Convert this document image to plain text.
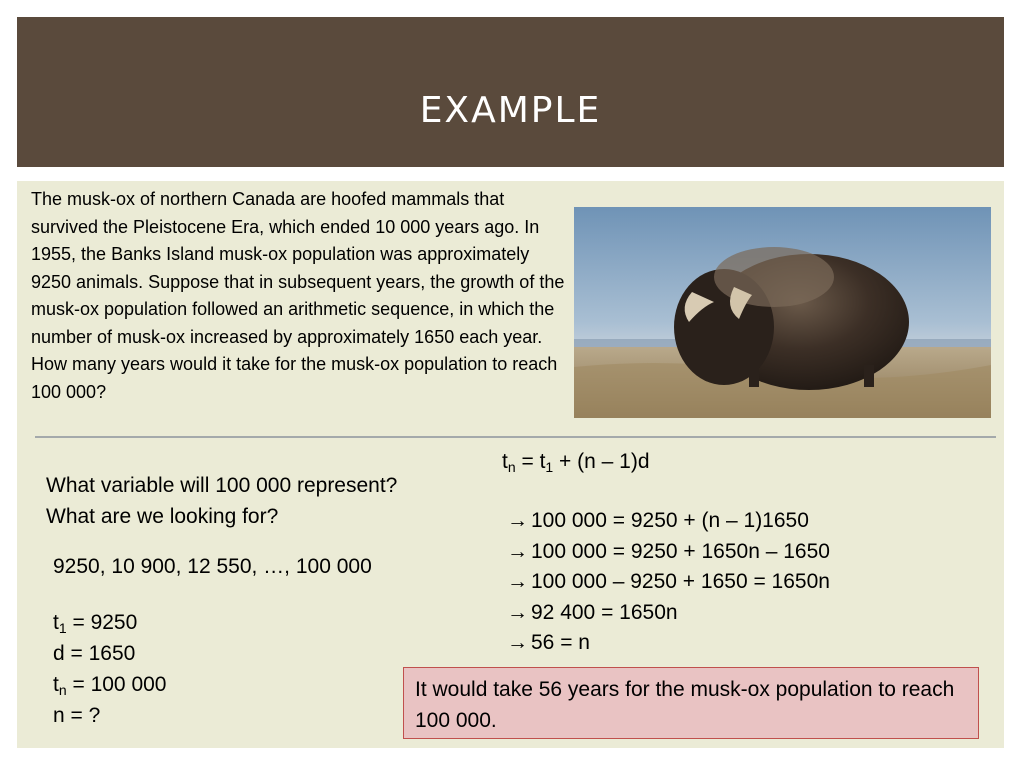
EXAMPLE
The musk-ox of northern Canada are hoofed mammals that survived the Pleistocene Era, which ended 10 000 years ago. In 1955, the Banks Island musk-ox population was approximately 9250 animals. Suppose that in subsequent years, the growth of the musk-ox population followed an arithmetic sequence, in which the number of musk-ox increased by approximately 1650 each year. How many years would it take for the musk-ox population to reach 100 000?
$t_n = t_1 + (n - 1)d$
What variable will 100 000 represent?
What are we looking for?
9250, 10 900, 12 550, …, 100 000
$t_1 = 9250$
d = 1650
$t_n = 100$ 000
n = ?
→ 100 000 = 9250 + (n – 1)1650
→ 100 000 = 9250 + 1650n – 1650
→ 100 000 – 9250 + 1650 = 1650n
→ 92 400 = 1650n
→ 56 = n
It would take 56 years for the musk-ox population to reach 100 000.
